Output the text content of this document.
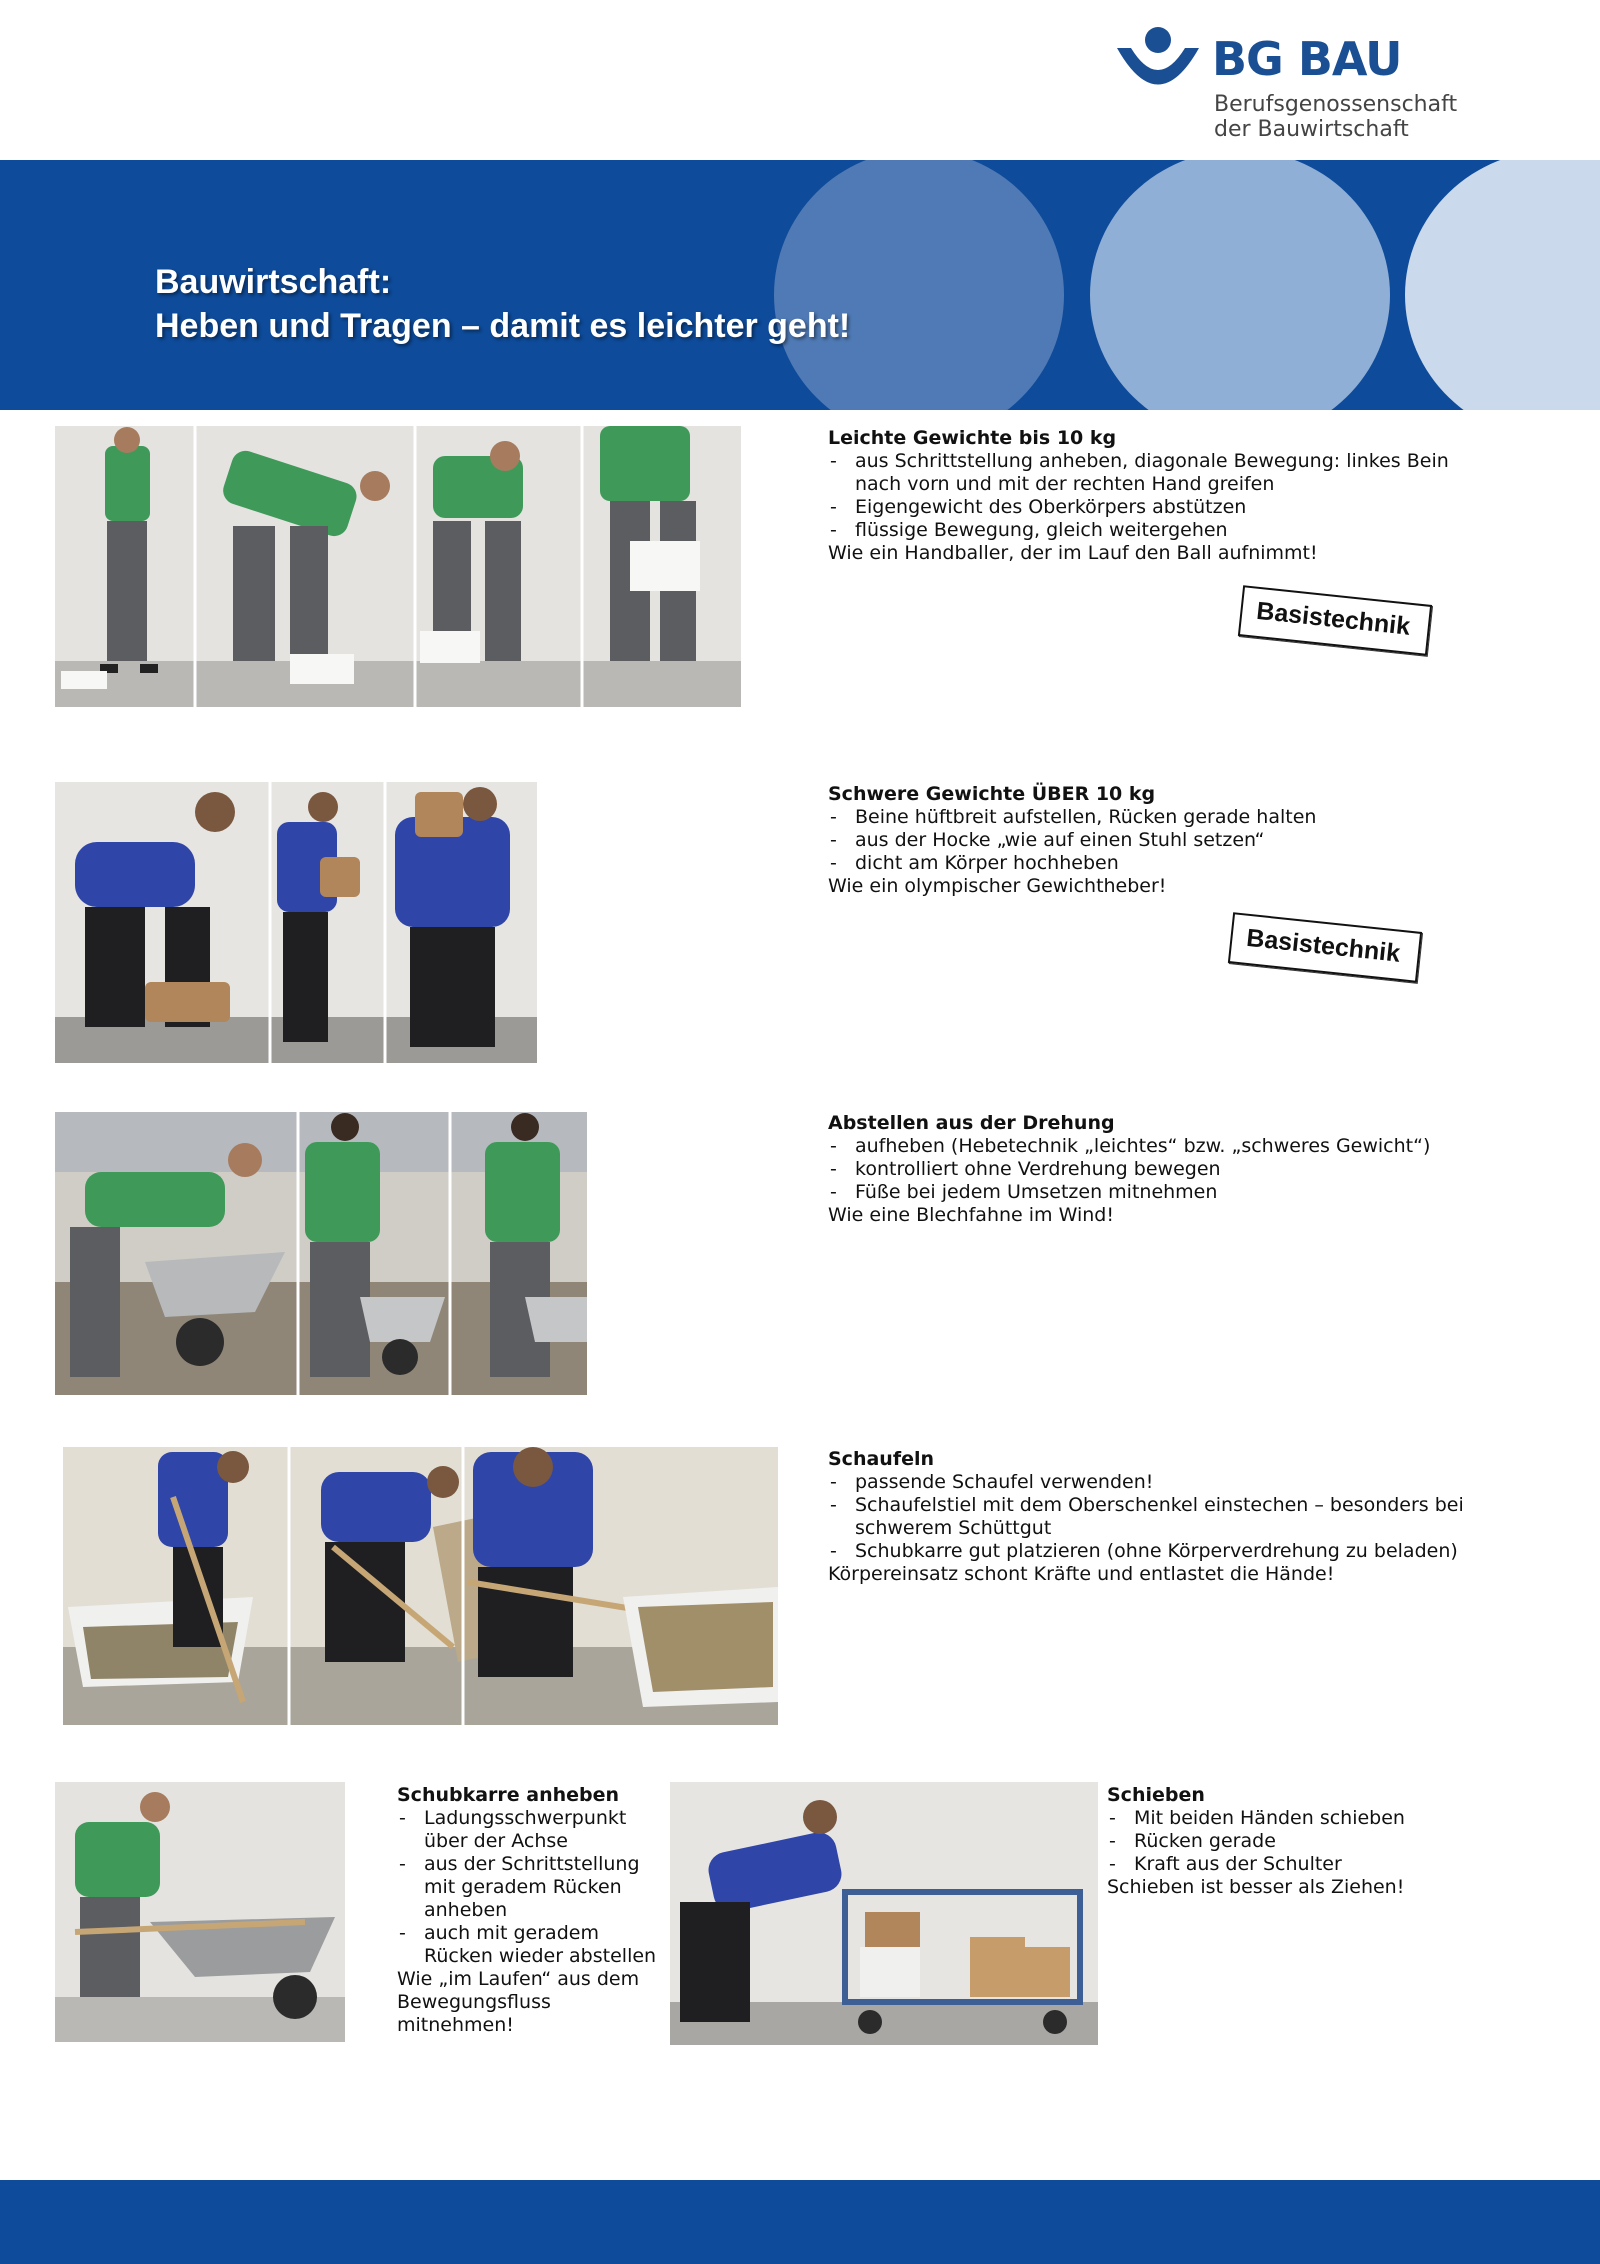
BG BAU
Berufsgenossenschaft
der Bauwirtschaft
Bauwirtschaft:
Heben und Tragen – damit es leichter geht!
Leichte Gewichte bis 10 kg
- aus Schrittstellung anheben, diagonale Bewegung: linkes Bein nach vorn und mit der rechten Hand greifen
- Eigengewicht des Oberkörpers abstützen
- flüssige Bewegung, gleich weitergehen

Wie ein Handballer, der im Lauf den Ball aufnimmt!

Basistechnik
Schwere Gewichte ÜBER 10 kg
- Beine hüftbreit aufstellen, Rücken gerade halten
- aus der Hocke „wie auf einen Stuhl setzen“
- dicht am Körper hochheben

Wie ein olympischer Gewichtheber!

Basistechnik
Abstellen aus der Drehung
- aufheben (Hebetechnik „leichtes“ bzw. „schweres Gewicht“)
- kontrolliert ohne Verdrehung bewegen
- Füße bei jedem Umsetzen mitnehmen

Wie eine Blechfahne im Wind!

Schaufeln
- passende Schaufel verwenden!
- Schaufelstiel mit dem Oberschenkel einstechen – besonders bei schwerem Schüttgut
- Schubkarre gut platzieren (ohne Körperverdrehung zu beladen)

Körpereinsatz schont Kräfte und entlastet die Hände!

Schubkarre anheben
- Ladungsschwerpunkt über der Achse
- aus der Schrittstellung mit geradem Rücken anheben
- auch mit geradem Rücken wieder abstellen

Wie „im Laufen“ aus dem Bewegungsfluss mitnehmen!

Schieben
- Mit beiden Händen schieben
- Rücken gerade
- Kraft aus der Schulter

Schieben ist besser als Ziehen!
